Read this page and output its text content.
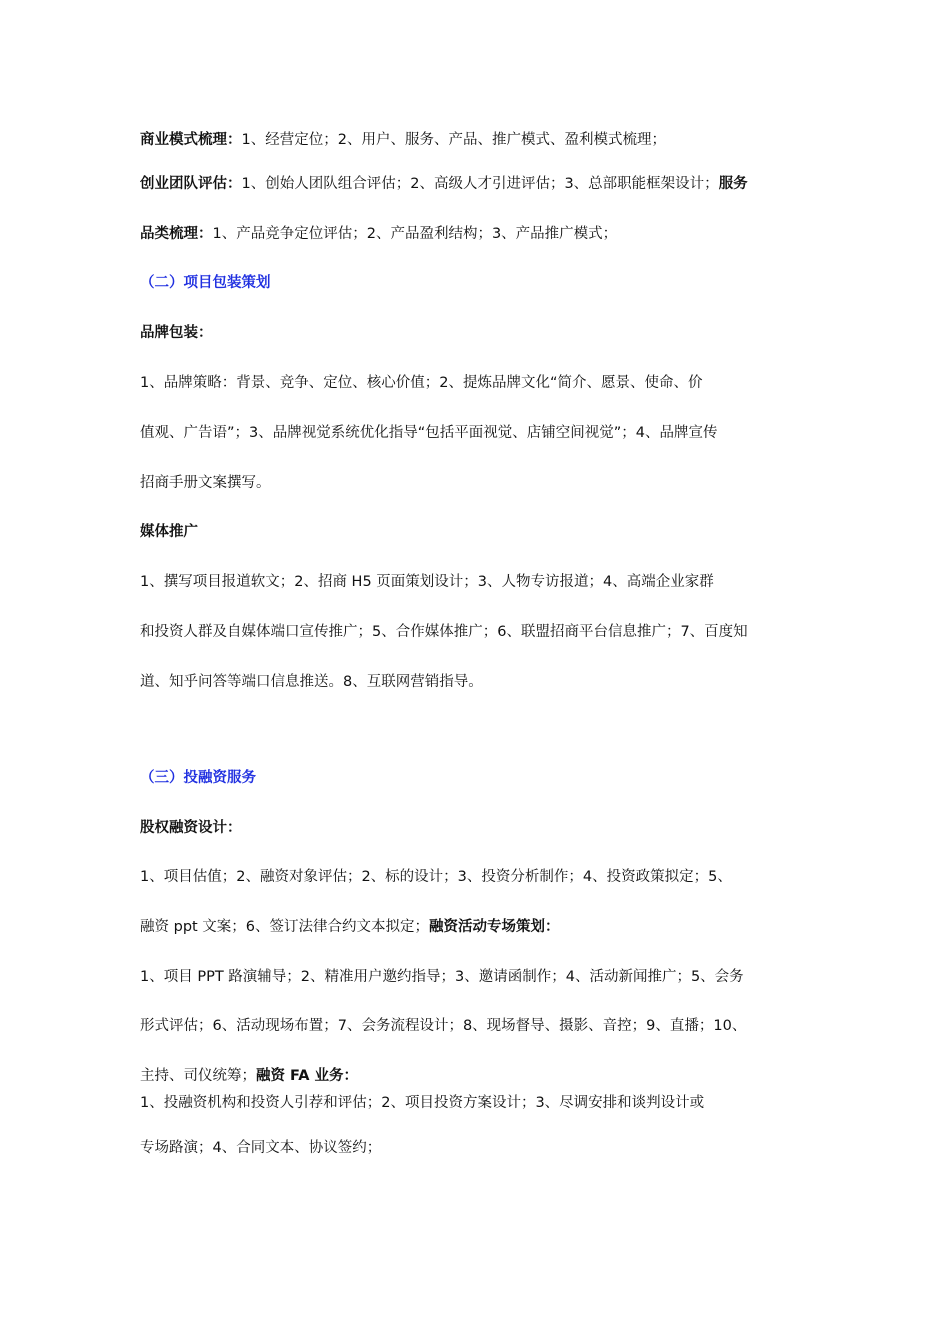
商业模式梳理：1、经营定位；2、用户、服务、产品、推广模式、盈利模式梳理；
创业团队评估：1、创始人团队组合评估；2、高级人才引进评估；3、总部职能框架设计；服务
品类梳理：1、产品竞争定位评估；2、产品盈利结构；3、产品推广模式；
（二）项目包装策划
品牌包装：
1、品牌策略：背景、竞争、定位、核心价值；2、提炼品牌文化“简介、愿景、使命、价
值观、广告语”；3、品牌视觉系统优化指导“包括平面视觉、店铺空间视觉”；4、品牌宣传
招商手册文案撰写。
媒体推广
1、撰写项目报道软文；2、招商 H5 页面策划设计；3、人物专访报道；4、高端企业家群
和投资人群及自媒体端口宣传推广；5、合作媒体推广；6、联盟招商平台信息推广；7、百度知
道、知乎问答等端口信息推送。8、互联网营销指导。
（三）投融资服务
股权融资设计：
1、项目估值；2、融资对象评估；2、标的设计；3、投资分析制作；4、投资政策拟定；5、
融资 ppt 文案；6、签订法律合约文本拟定；融资活动专场策划：
1、项目 PPT 路演辅导；2、精准用户邀约指导；3、邀请函制作；4、活动新闻推广；5、会务
形式评估；6、活动现场布置；7、会务流程设计；8、现场督导、摄影、音控；9、直播；10、
主持、司仪统筹；融资 FA 业务：
1、投融资机构和投资人引荐和评估；2、项目投资方案设计；3、尽调安排和谈判设计或
专场路演；4、合同文本、协议签约；
